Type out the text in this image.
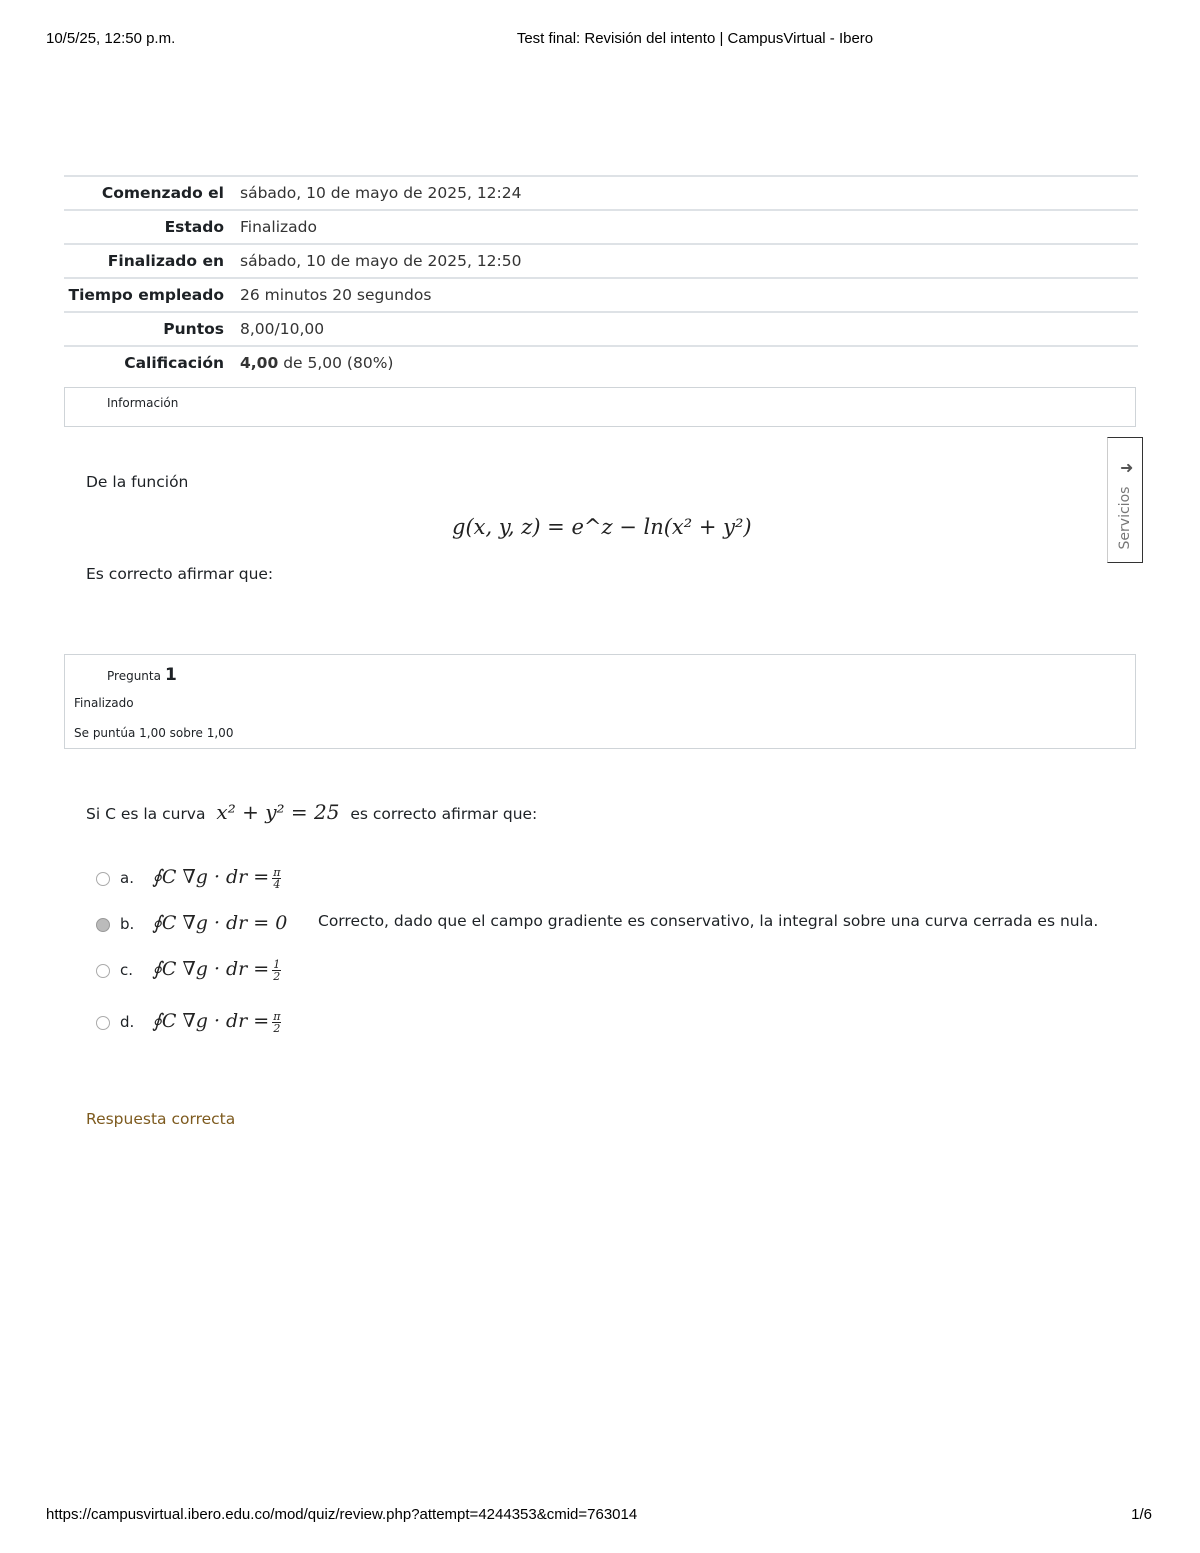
10/5/25, 12:50 p.m.	Test final: Revisión del intento | CampusVirtual - Ibero
Comenzado el	sábado, 10 de mayo de 2025, 12:24
Estado	Finalizado
Finalizado en	sábado, 10 de mayo de 2025, 12:50
Tiempo empleado	26 minutos 20 segundos
Puntos	8,00/10,00
Calificación	4,00 de 5,00 (80%)
Información
➜
Servicios
De la función
g(x, y, z) = e^z − ln(x² + y²)
Es correcto afirmar que:
Pregunta 1
Finalizado
Se puntúa 1,00 sobre 1,00
Si C es la curva x² + y² = 25 es correcto afirmar que:
a. ∮C ∇g · dr = $\frac{\pi}{4}$
b. ∮C ∇g · dr = 0 Correcto, dado que el campo gradiente es conservativo, la integral sobre una curva cerrada es nula.
c. ∮C ∇g · dr = $\frac{1}{2}$
d. ∮C ∇g · dr = $\frac{\pi}{2}$
Respuesta correcta
https://campusvirtual.ibero.edu.co/mod/quiz/review.php?attempt=4244353&cmid=763014	1/6
